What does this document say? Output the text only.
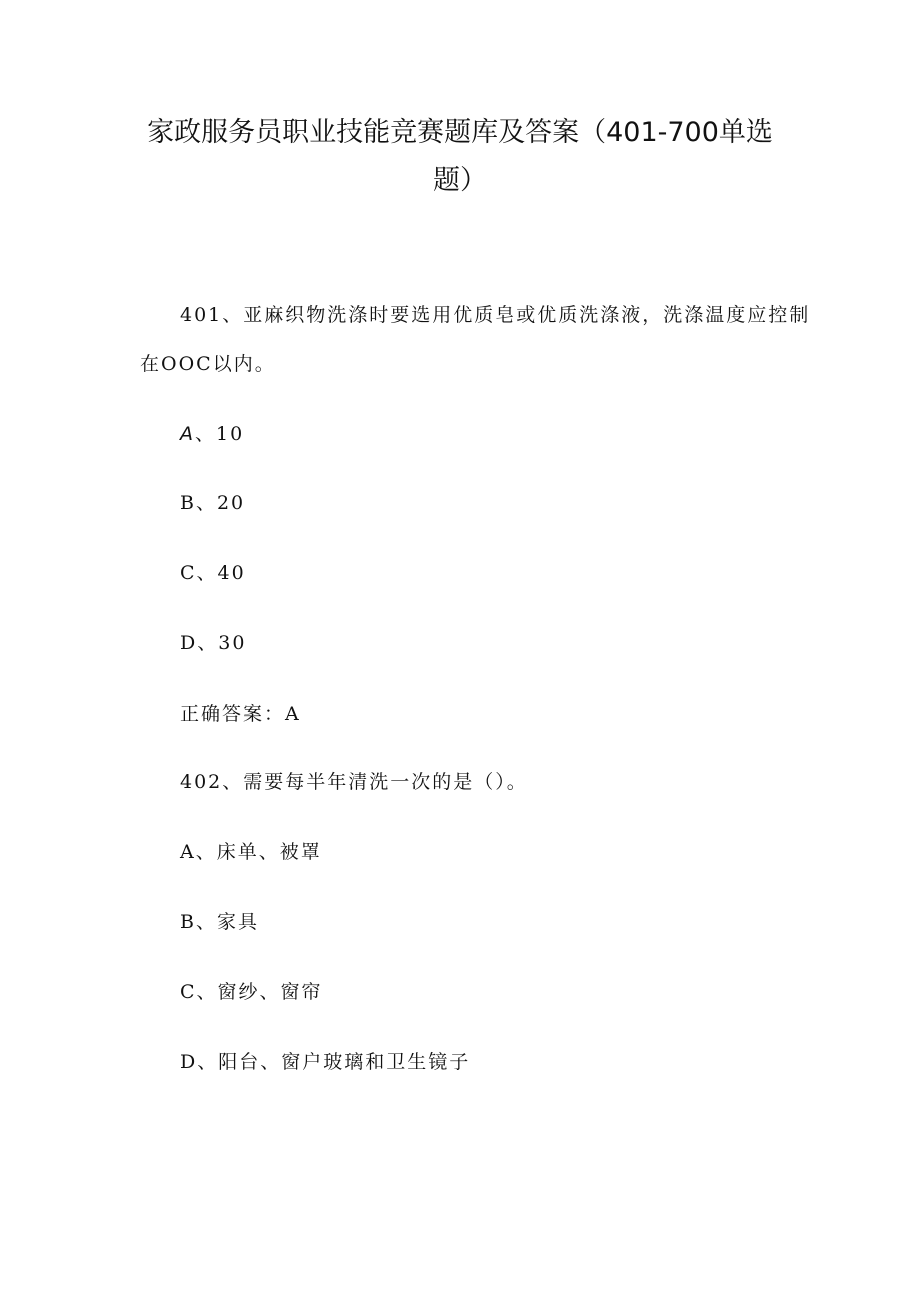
家政服务员职业技能竞赛题库及答案（401-700单选
题）
401、亚麻织物洗涤时要选用优质皂或优质洗涤液，洗涤温度应控制
在OOC以内。
A、10
B、20
C、40
D、30
正确答案：A
402、需要每半年清洗一次的是（）。
A、床单、被罩
B、家具
C、窗纱、窗帘
D、阳台、窗户玻璃和卫生镜子
